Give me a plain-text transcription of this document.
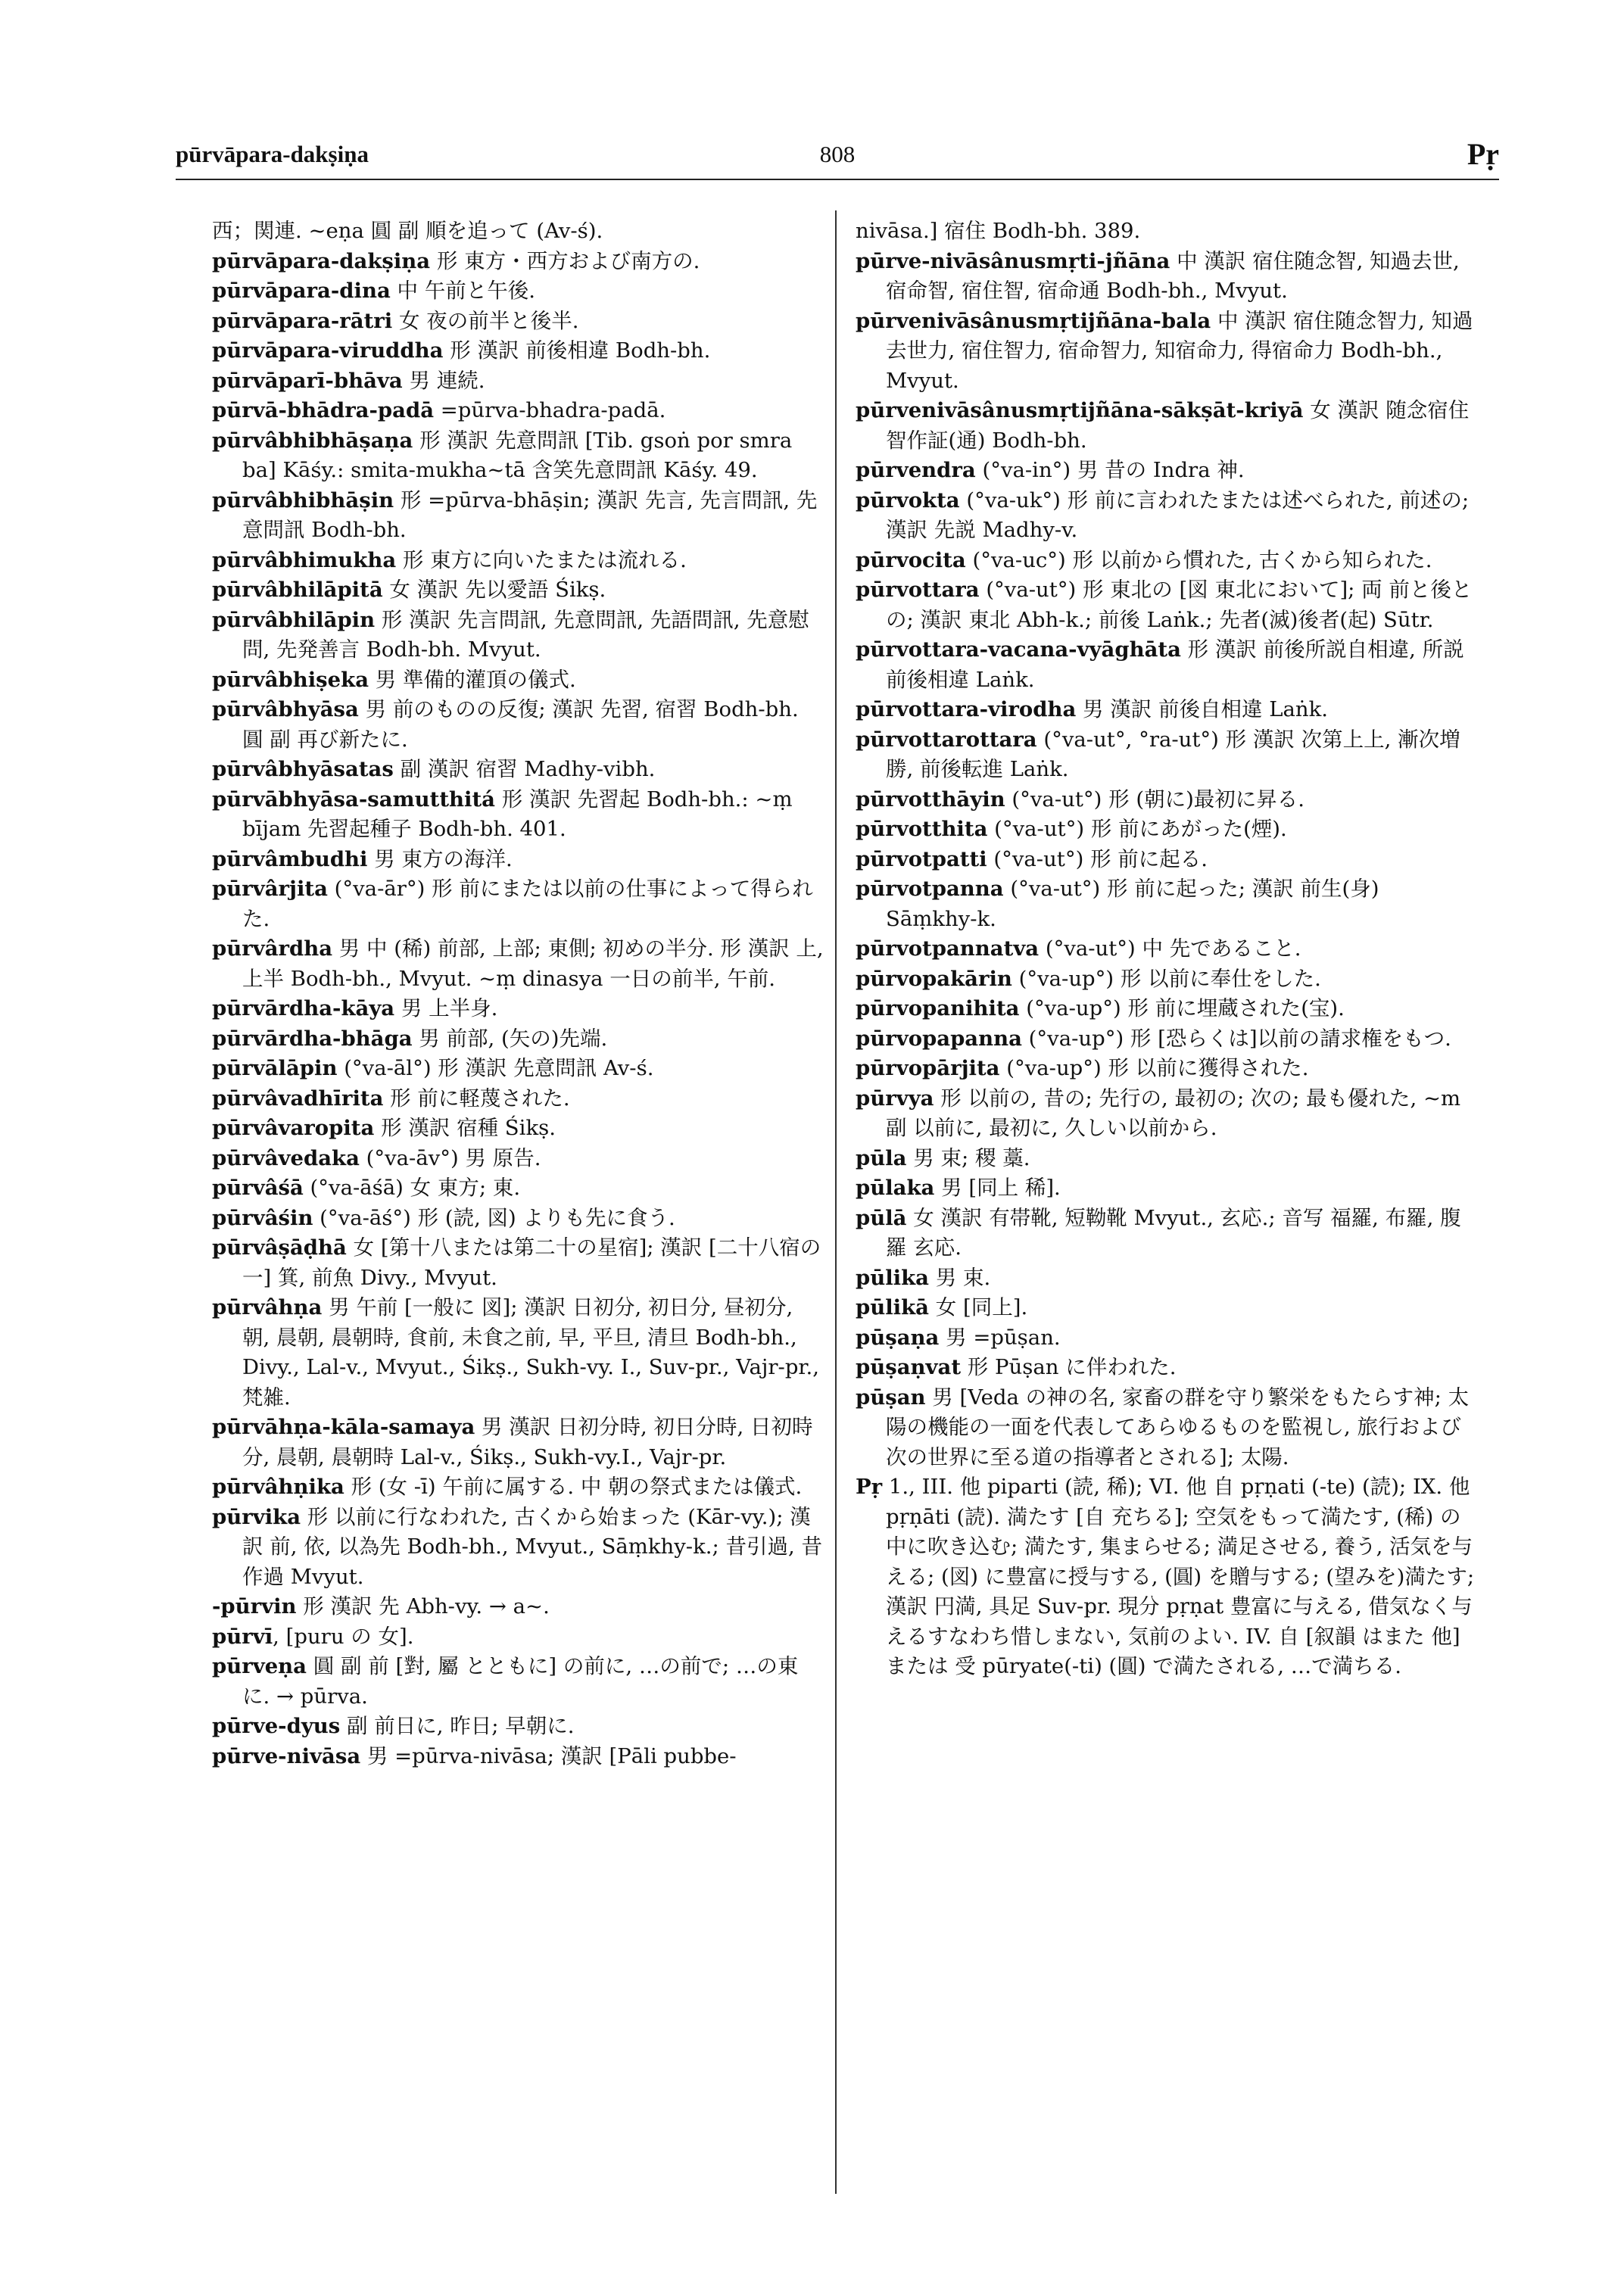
pūrvāpara-dakṣiṇa	808	Pṛ

西；関連. ~eṇa 圓 副 順を追って (Av-ś).

pūrvāpara-dakṣiṇa 形 東方・西方および南方の.

pūrvāpara-dina 中 午前と午後.

pūrvāpara-rātri 女 夜の前半と後半.

pūrvāpara-viruddha 形 漢訳 前後相違 Bodh-bh.

pūrvāparī-bhāva 男 連続.

pūrvā-bhādra-padā =pūrva-bhadra-padā.

pūrvâbhibhāṣaṇa 形 漢訳 先意問訊 [Tib. gsoṅ por smra ba] Kāśy.: smita-mukha~tā 含笑先意問訊 Kāśy. 49.

pūrvâbhibhāṣin 形 =pūrva-bhāṣin; 漢訳 先言, 先言問訊, 先意問訊 Bodh-bh.

pūrvâbhimukha 形 東方に向いたまたは流れる.

pūrvâbhilāpitā 女 漢訳 先以愛語 Śikṣ.

pūrvâbhilāpin 形 漢訳 先言問訊, 先意問訊, 先語問訊, 先意慰問, 先発善言 Bodh-bh. Mvyut.

pūrvâbhiṣeka 男 準備的灌頂の儀式.

pūrvâbhyāsa 男 前のものの反復; 漢訳 先習, 宿習 Bodh-bh. 圓 副 再び新たに.

pūrvâbhyāsatas 副 漢訳 宿習 Madhy-vibh.

pūrvābhyāsa-samutthitá 形 漢訳 先習起 Bodh-bh.: ~ṃ bījam 先習起種子 Bodh-bh. 401.

pūrvâmbudhi 男 東方の海洋.

pūrvârjita (°va-ār°) 形 前にまたは以前の仕事によって得られた.

pūrvârdha 男 中 (稀) 前部, 上部; 東側; 初めの半分. 形 漢訳 上, 上半 Bodh-bh., Mvyut. ~ṃ dinasya 一日の前半, 午前.

pūrvārdha-kāya 男 上半身.

pūrvārdha-bhāga 男 前部, (矢の)先端.

pūrvālāpin (°va-āl°) 形 漢訳 先意問訊 Av-ś.

pūrvâvadhīrita 形 前に軽蔑された.

pūrvâvaropita 形 漢訳 宿種 Śikṣ.

pūrvâvedaka (°va-āv°) 男 原告.

pūrvâśā (°va-āśā) 女 東方; 東.

pūrvâśin (°va-āś°) 形 (読, 図) よりも先に食う.

pūrvâṣāḍhā 女 [第十八または第二十の星宿]; 漢訳 [二十八宿の一] 箕, 前魚 Divy., Mvyut.

pūrvâhṇa 男 午前 [一般に 図]; 漢訳 日初分, 初日分, 昼初分, 朝, 晨朝, 晨朝時, 食前, 未食之前, 早, 平旦, 清旦 Bodh-bh., Divy., Lal-v., Mvyut., Śikṣ., Sukh-vy. I., Suv-pr., Vajr-pr., 梵雑.

pūrvāhṇa-kāla-samaya 男 漢訳 日初分時, 初日分時, 日初時分, 晨朝, 晨朝時 Lal-v., Śikṣ., Sukh-vy.I., Vajr-pr.

pūrvâhṇika 形 (女 -ī) 午前に属する. 中 朝の祭式または儀式.

pūrvika 形 以前に行なわれた, 古くから始まった (Kār-vy.); 漢訳 前, 依, 以為先 Bodh-bh., Mvyut., Sāṃkhy-k.; 昔引過, 昔作過 Mvyut.

-pūrvin 形 漢訳 先 Abh-vy. → a~.

pūrvī, [puru の 女].

pūrveṇa 圓 副 前 [對, 屬 とともに] の前に, …の前で; …の東に. → pūrva.

pūrve-dyus 副 前日に, 昨日; 早朝に.

pūrve-nivāsa 男 =pūrva-nivāsa; 漢訳 [Pāli pubbe-

nivāsa.] 宿住 Bodh-bh. 389.

pūrve-nivāsânusmṛti-jñāna 中 漢訳 宿住随念智, 知過去世, 宿命智, 宿住智, 宿命通 Bodh-bh., Mvyut.

pūrvenivāsânusmṛtijñāna-bala 中 漢訳 宿住随念智力, 知過去世力, 宿住智力, 宿命智力, 知宿命力, 得宿命力 Bodh-bh., Mvyut.

pūrvenivāsânusmṛtijñāna-sākṣāt-kriyā 女 漢訳 随念宿住智作証(通) Bodh-bh.

pūrvendra (°va-in°) 男 昔の Indra 神.

pūrvokta (°va-uk°) 形 前に言われたまたは述べられた, 前述の; 漢訳 先説 Madhy-v.

pūrvocita (°va-uc°) 形 以前から慣れた, 古くから知られた.

pūrvottara (°va-ut°) 形 東北の [図 東北において]; 両 前と後との; 漢訳 東北 Abh-k.; 前後 Laṅk.; 先者(滅)後者(起) Sūtr.

pūrvottara-vacana-vyāghāta 形 漢訳 前後所説自相違, 所説前後相違 Laṅk.

pūrvottara-virodha 男 漢訳 前後自相違 Laṅk.

pūrvottarottara (°va-ut°, °ra-ut°) 形 漢訳 次第上上, 漸次増勝, 前後転進 Laṅk.

pūrvotthāyin (°va-ut°) 形 (朝に)最初に昇る.

pūrvotthita (°va-ut°) 形 前にあがった(煙).

pūrvotpatti (°va-ut°) 形 前に起る.

pūrvotpanna (°va-ut°) 形 前に起った; 漢訳 前生(身) Sāṃkhy-k.

pūrvotpannatva (°va-ut°) 中 先であること.

pūrvopakārin (°va-up°) 形 以前に奉仕をした.

pūrvopanihita (°va-up°) 形 前に埋蔵された(宝).

pūrvopapanna (°va-up°) 形 [恐らくは]以前の請求権をもつ.

pūrvopārjita (°va-up°) 形 以前に獲得された.

pūrvya 形 以前の, 昔の; 先行の, 最初の; 次の; 最も優れた, ~m 副 以前に, 最初に, 久しい以前から.

pūla 男 束; 稷 藁.

pūlaka 男 [同上 稀].

pūlā 女 漢訳 有帯靴, 短靿靴 Mvyut., 玄応.; 音写 福羅, 布羅, 腹羅 玄応.

pūlika 男 束.

pūlikā 女 [同上].

pūṣaṇa 男 =pūṣan.

pūṣaṇvat 形 Pūṣan に伴われた.

pūṣan 男 [Veda の神の名, 家畜の群を守り繁栄をもたらす神; 太陽の機能の一面を代表してあらゆるものを監視し, 旅行および次の世界に至る道の指導者とされる]; 太陽.

Pṛ 1., III. 他 piparti (読, 稀); VI. 他 自 pṛṇati (-te) (読); IX. 他 pṛṇāti (読). 満たす [自 充ちる]; 空気をもって満たす, (稀) の中に吹き込む; 満たす, 集まらせる; 満足させる, 養う, 活気を与える; (図) に豊富に授与する, (圓) を贈与する; (望みを)満たす; 漢訳 円満, 具足 Suv-pr. 現分 pṛṇat 豊富に与える, 借気なく与えるすなわち惜しまない, 気前のよい. IV. 自 [叙韻 はまた 他] または 受 pūryate(-ti) (圓) で満たされる, …で満ちる.
